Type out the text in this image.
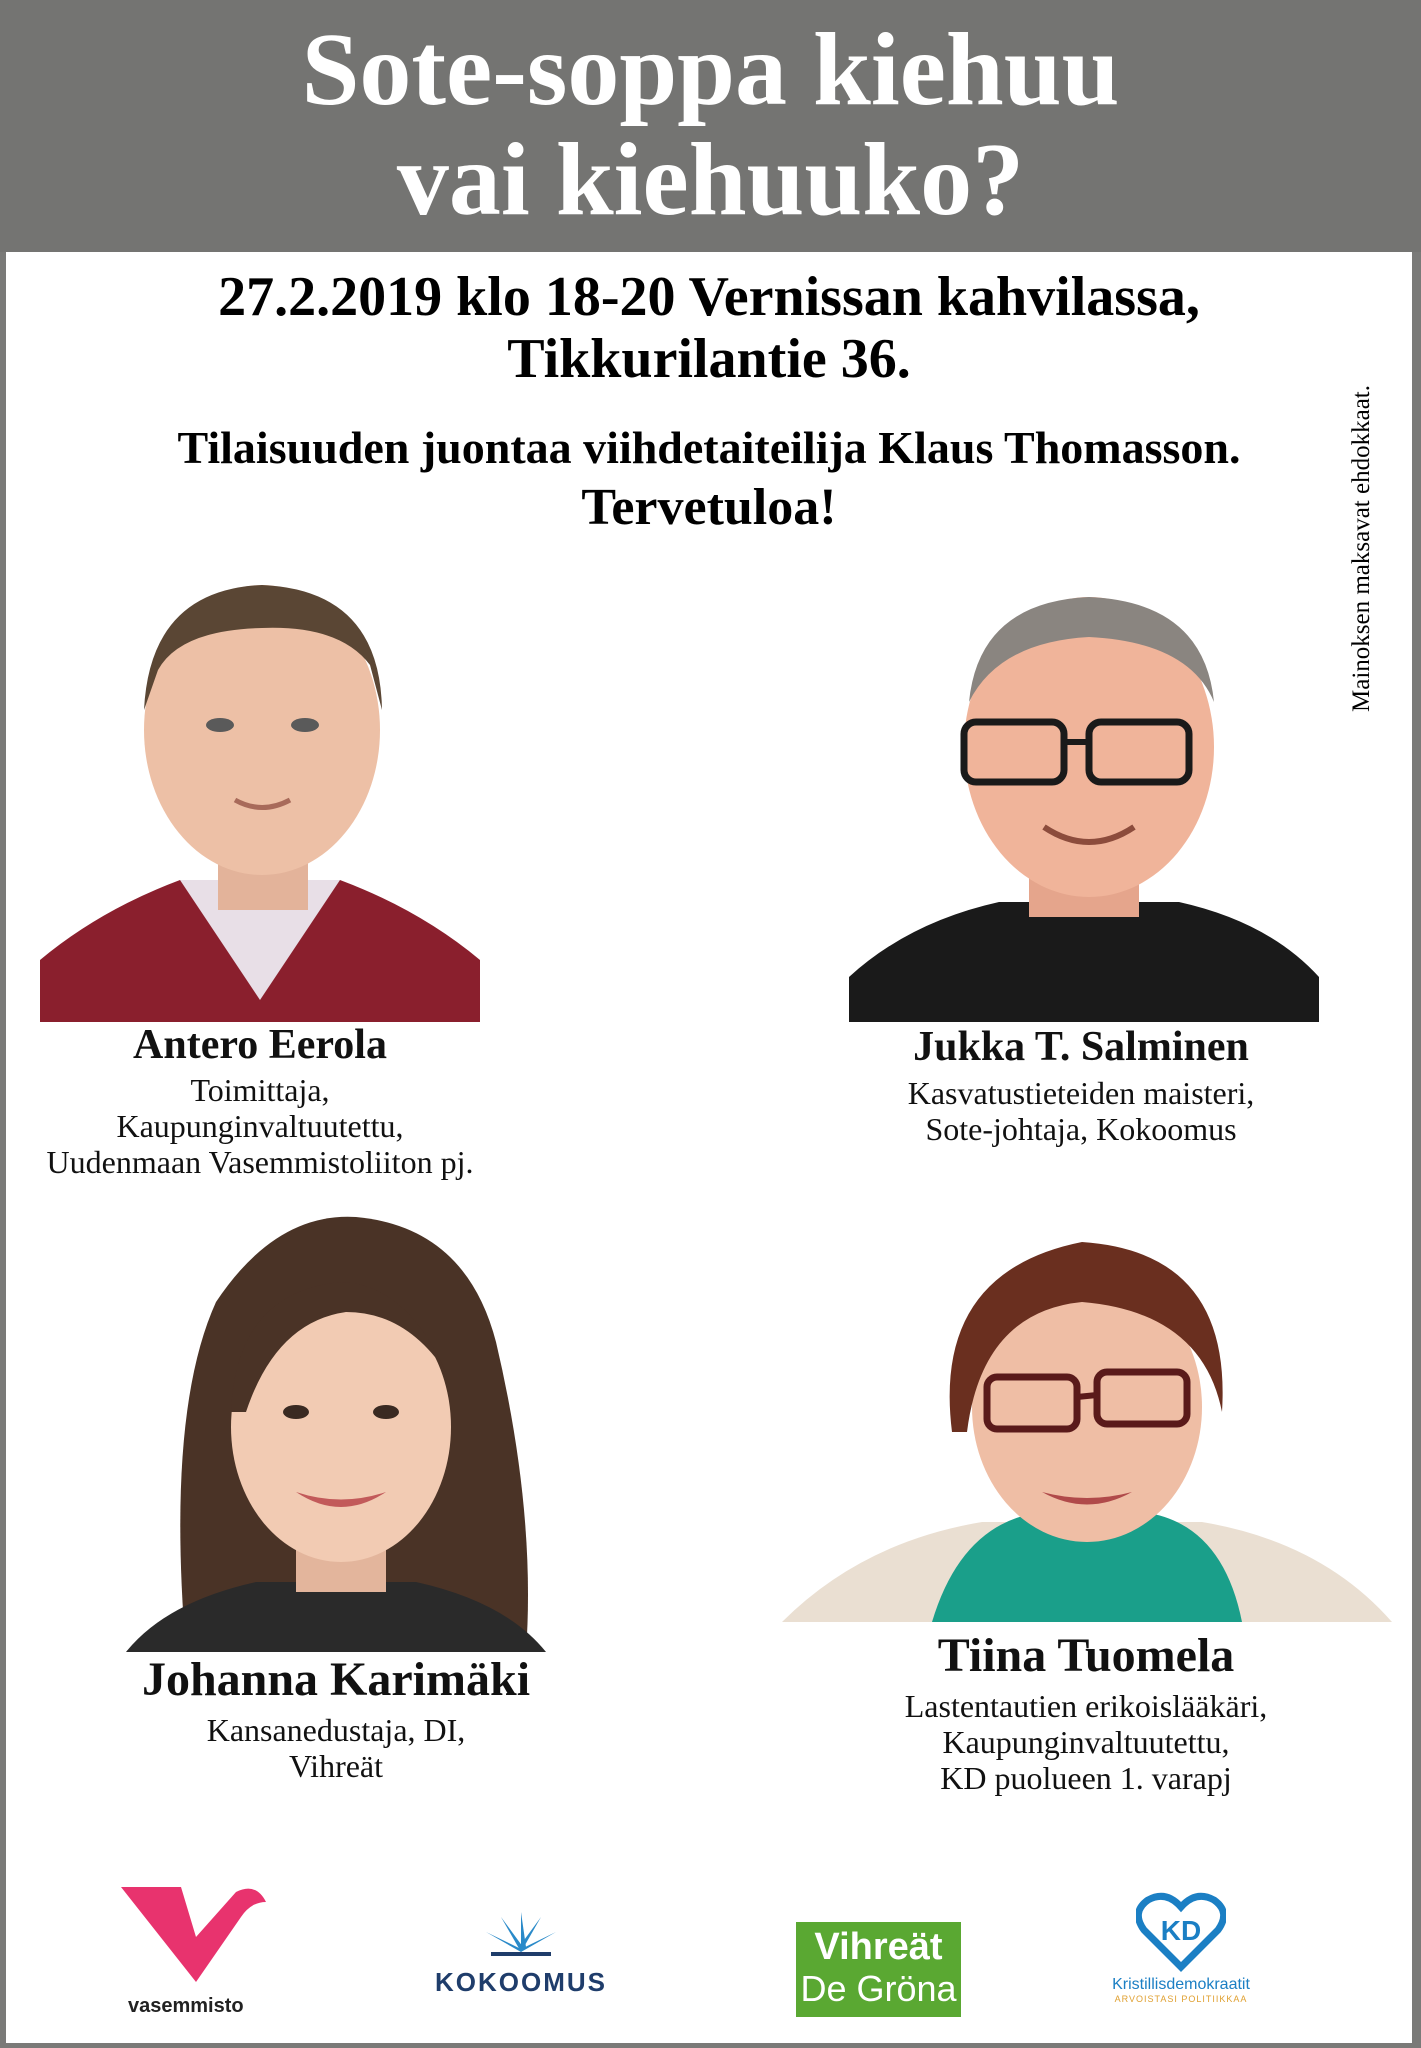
Sote-soppa kiehuu
vai kiehuuko?
27.2.2019 klo 18-20 Vernissan kahvilassa,
Tikkurilantie 36.
Tilaisuuden juontaa viihdetaiteilija Klaus Thomasson.
Tervetuloa!	Mainoksen maksavat ehdokkaat.
Antero Eerola
Toimittaja,
Kaupunginvaltuutettu,
Uudenmaan Vasemmistoliiton pj.
Jukka T. Salminen
Kasvatustieteiden maisteri,
Sote-johtaja, Kokoomus
Johanna Karimäki
Kansanedustaja, DI,
Vihreät
Tiina Tuomela
Lastentautien erikoislääkäri,
Kaupunginvaltuutettu,
KD puolueen 1. varapj
vasemmisto
KOKOOMUS
Vihreät
De Gröna
KD
Kristillisdemokraatit
ARVOISTASI POLITIIKKAA
